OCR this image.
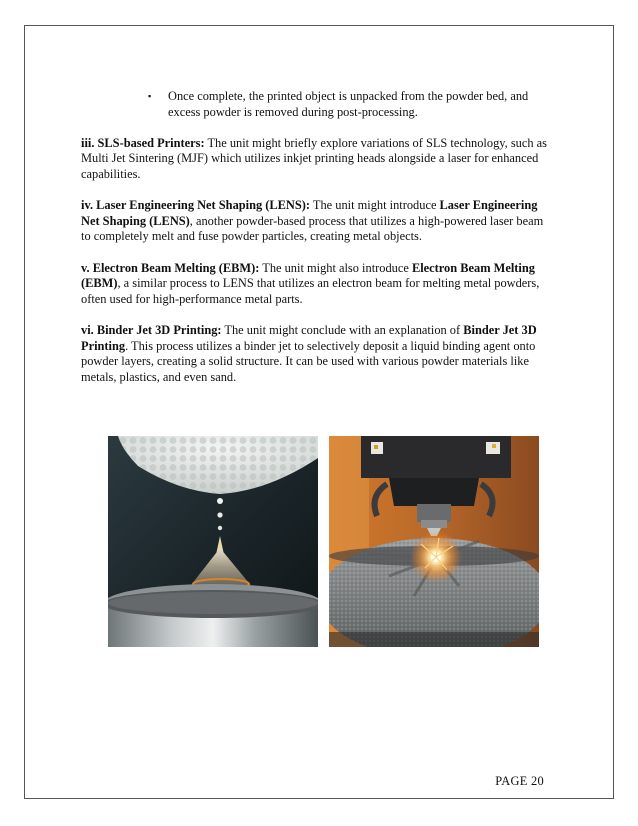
▪ Once complete, the printed object is unpacked from the powder bed, and excess powder is removed during post-processing.

iii. SLS-based Printers: The unit might briefly explore variations of SLS technology, such as Multi Jet Sintering (MJF) which utilizes inkjet printing heads alongside a laser for enhanced capabilities.

iv. Laser Engineering Net Shaping (LENS): The unit might introduce Laser Engineering Net Shaping (LENS), another powder-based process that utilizes a high-powered laser beam to completely melt and fuse powder particles, creating metal objects.

v. Electron Beam Melting (EBM): The unit might also introduce Electron Beam Melting (EBM), a similar process to LENS that utilizes an electron beam for melting metal powders, often used for high-performance metal parts.

vi. Binder Jet 3D Printing: The unit might conclude with an explanation of Binder Jet 3D Printing. This process utilizes a binder jet to selectively deposit a liquid binding agent onto powder layers, creating a solid structure. It can be used with various powder materials like metals, plastics, and even sand.

PAGE 20
